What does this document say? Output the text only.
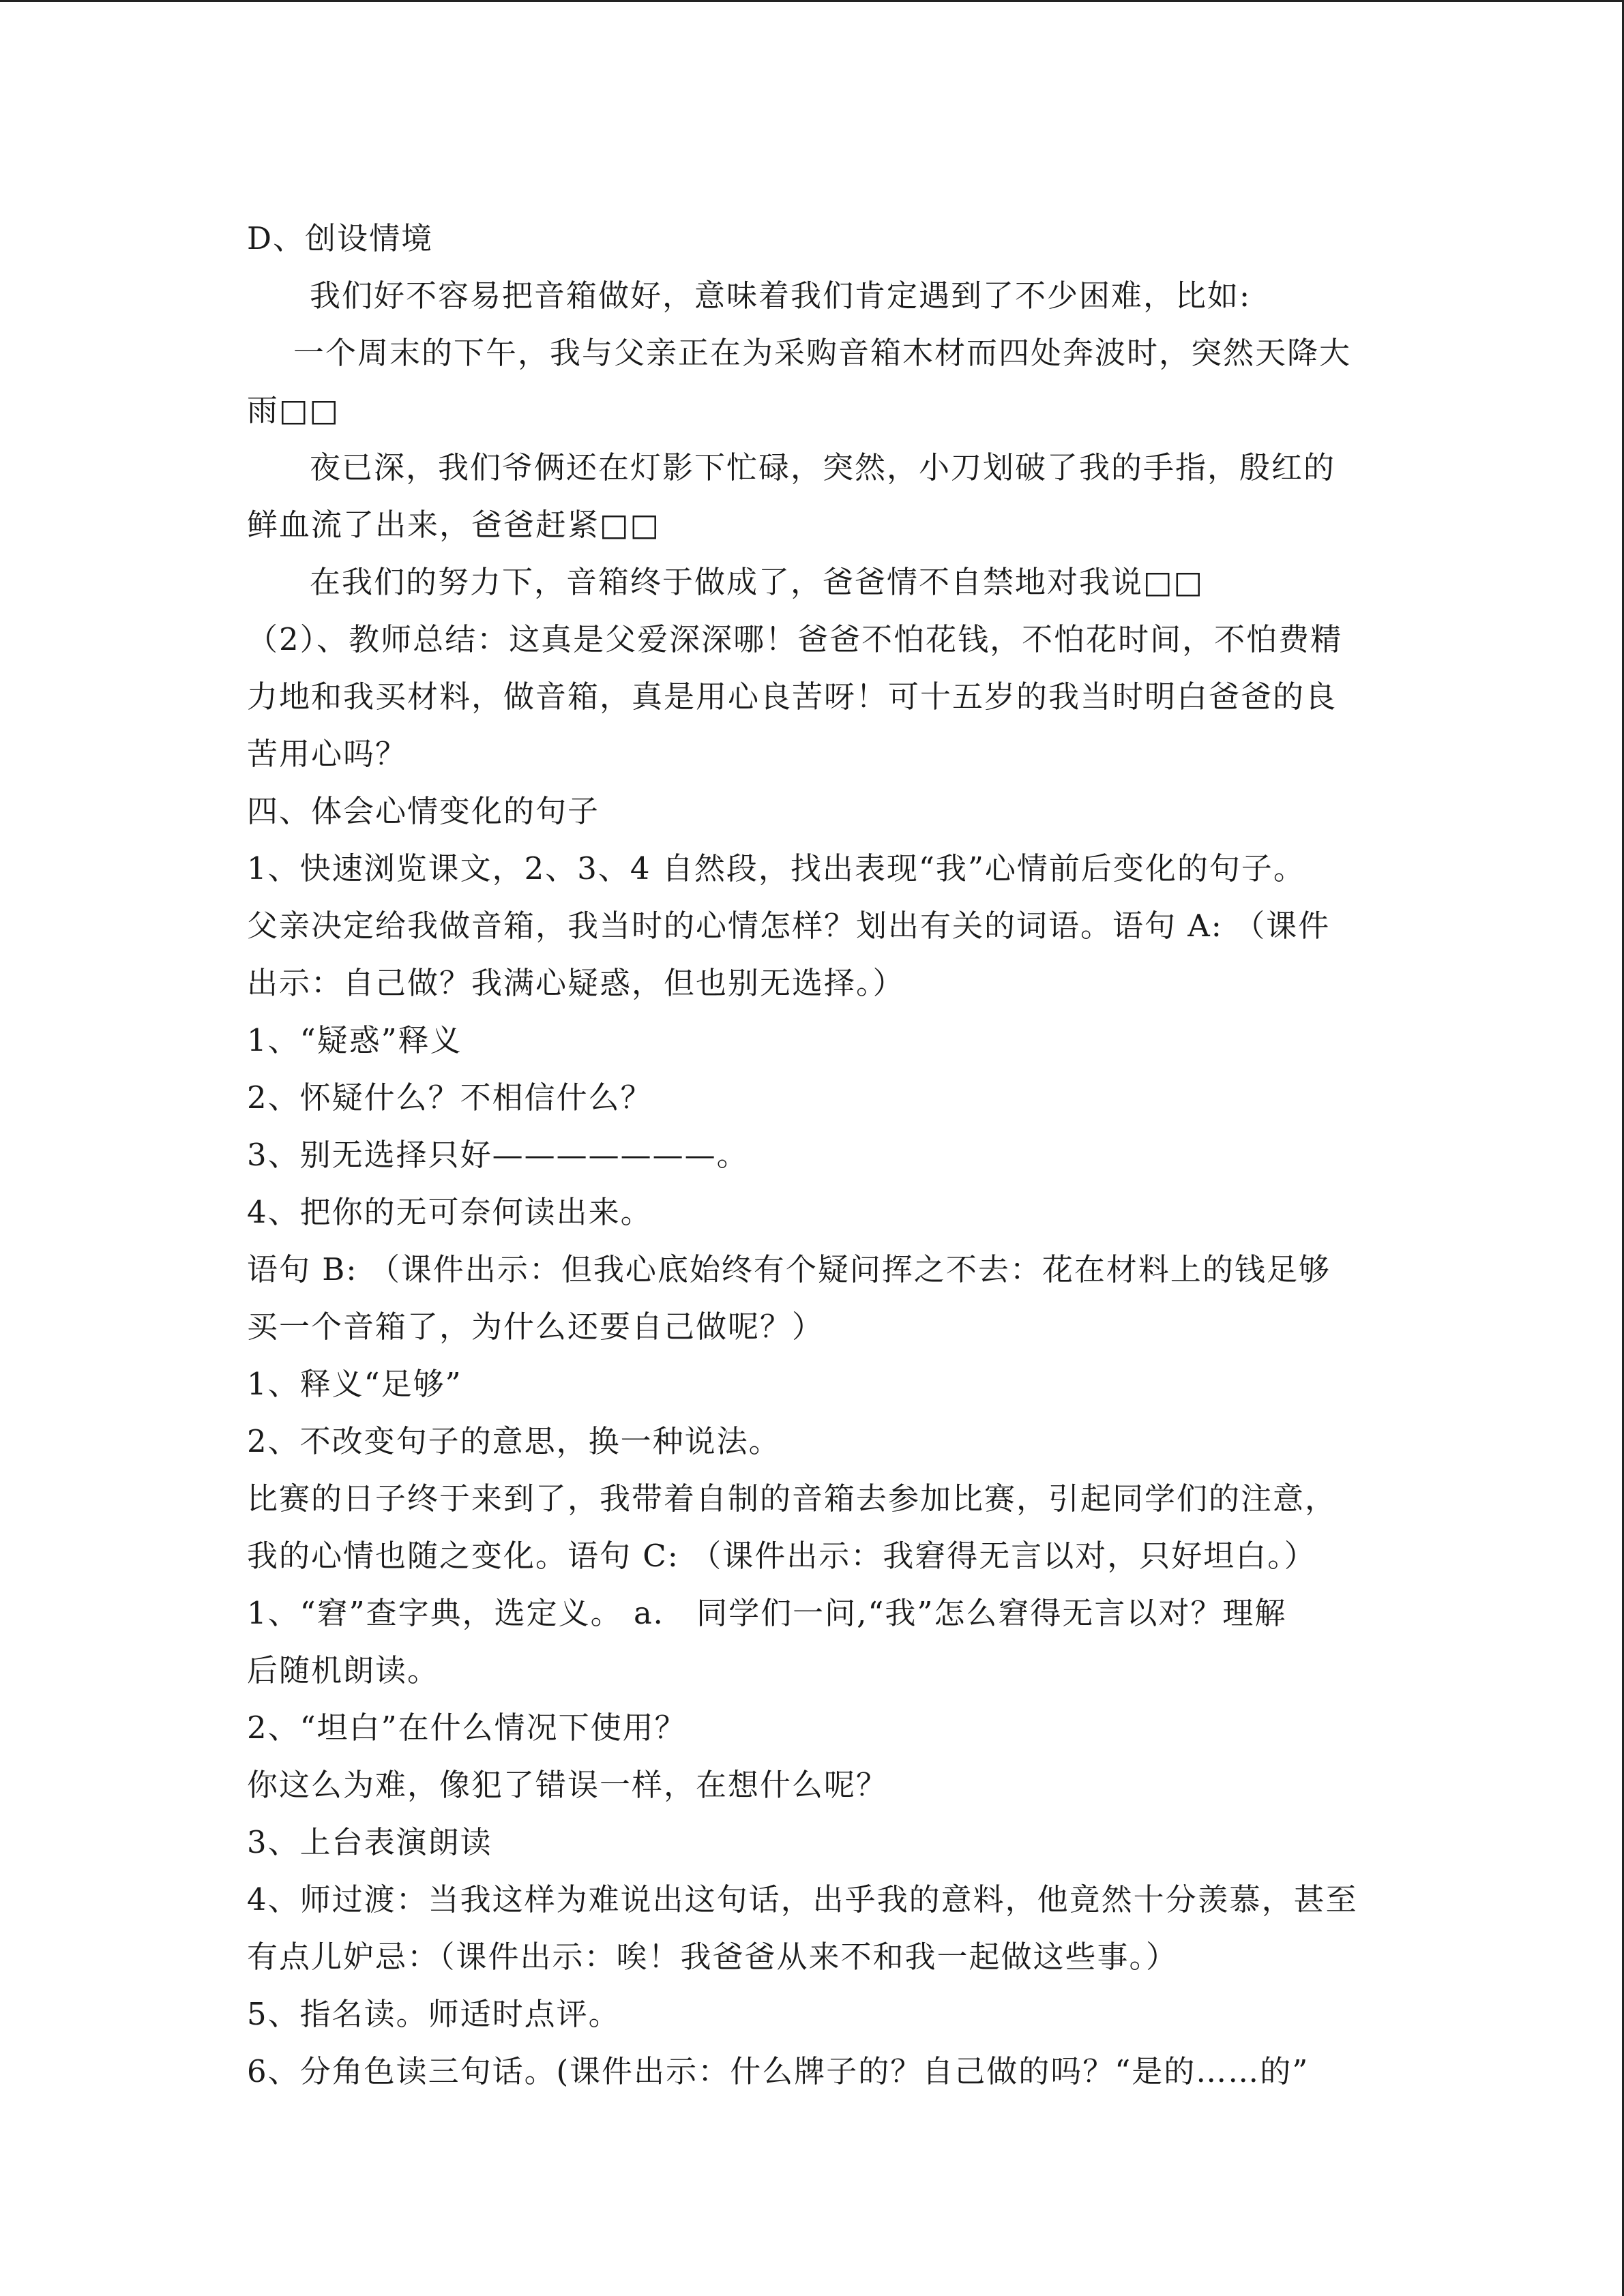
D、创设情境
我们好不容易把音箱做好，意味着我们肯定遇到了不少困难，比如:
一个周末的下午，我与父亲正在为采购音箱木材而四处奔波时，突然天降大
雨□□
夜已深，我们爷俩还在灯影下忙碌，突然，小刀划破了我的手指，殷红的
鲜血流了出来，爸爸赶紧□□
在我们的努力下，音箱终于做成了，爸爸情不自禁地对我说□□
（2）、教师总结：这真是父爱深深哪！爸爸不怕花钱，不怕花时间，不怕费精
力地和我买材料，做音箱，真是用心良苦呀！可十五岁的我当时明白爸爸的良
苦用心吗？
四、体会心情变化的句子
1、快速浏览课文，2、3、4 自然段，找出表现“我”心情前后变化的句子。
父亲决定给我做音箱，我当时的心情怎样？划出有关的词语。语句 A: （课件
出示：自己做？我满心疑惑，但也别无选择。）
1、“疑惑”释义
2、怀疑什么？不相信什么？
3、别无选择只好———————。
4、把你的无可奈何读出来。
语句 B: （课件出示：但我心底始终有个疑问挥之不去：花在材料上的钱足够
买一个音箱了，为什么还要自己做呢？）
1、释义“足够”
2、不改变句子的意思，换一种说法。
比赛的日子终于来到了，我带着自制的音箱去参加比赛，引起同学们的注意，
我的心情也随之变化。语句 C: （课件出示：我窘得无言以对，只好坦白。）
1、“窘”查字典，选定义。 a． 同学们一问,“我”怎么窘得无言以对？理解
后随机朗读。
2、“坦白”在什么情况下使用？
你这么为难，像犯了错误一样，在想什么呢？
3、上台表演朗读
4、师过渡：当我这样为难说出这句话，出乎我的意料，他竟然十分羡慕，甚至
有点儿妒忌：（课件出示：唉！我爸爸从来不和我一起做这些事。）
5、指名读。师适时点评。
6、分角色读三句话。(课件出示：什么牌子的？自己做的吗？“是的……的”
